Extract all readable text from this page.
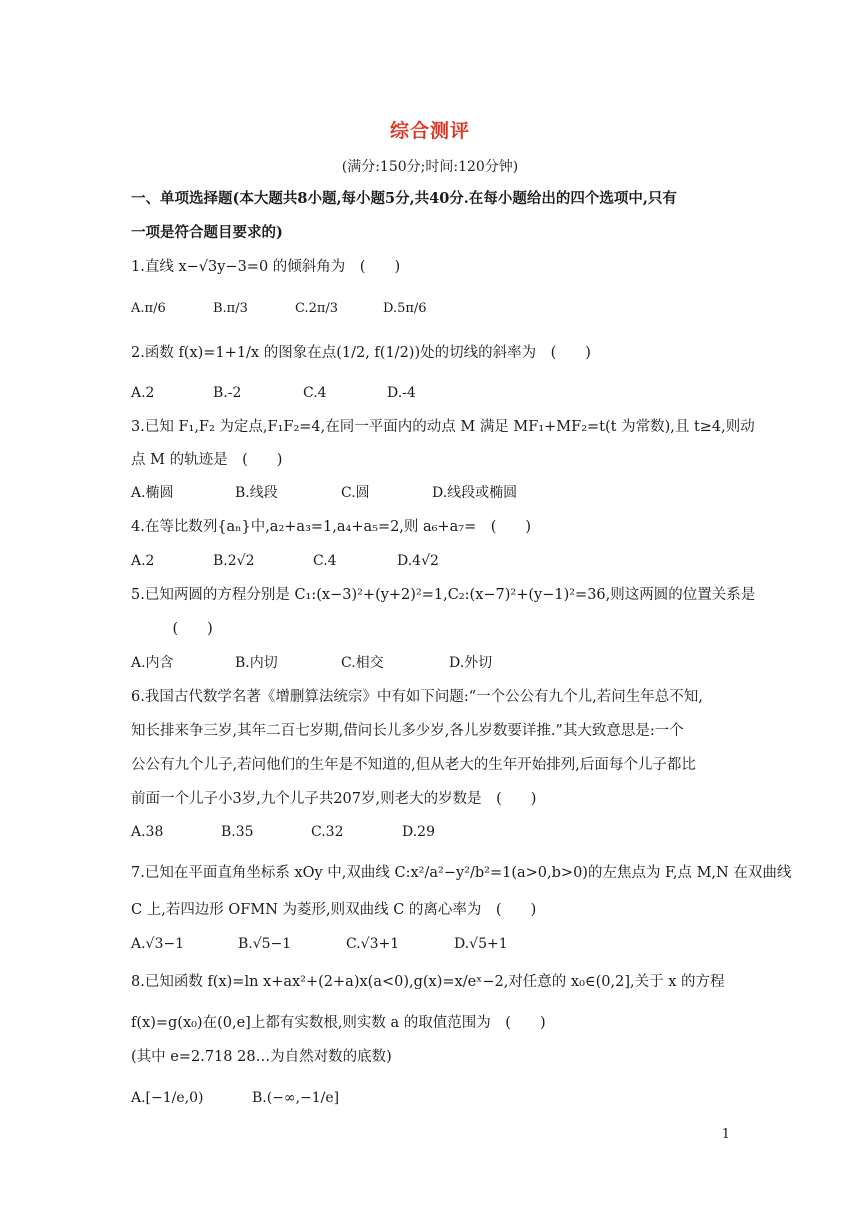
综合测评
(满分:150分;时间:120分钟)
一、单项选择题(本大题共8小题,每小题5分,共40分.在每小题给出的四个选项中,只有
一项是符合题目要求的)
1.直线 x−√3y−3=0 的倾斜角为　(　　)
A.π/6	B.π/3	C.2π/3	D.5π/6
2.函数 f(x)=1+1/x 的图象在点(1/2, f(1/2))处的切线的斜率为　(　　)
A.2	B.-2	C.4	D.-4
3.已知 F₁,F₂ 为定点,F₁F₂=4,在同一平面内的动点 M 满足 MF₁+MF₂=t(t 为常数),且 t≥4,则动
点 M 的轨迹是　(　　)
A.椭圆	B.线段	C.圆	D.线段或椭圆
4.在等比数列{aₙ}中,a₂+a₃=1,a₄+a₅=2,则 a₆+a₇=　(　　)
A.2	B.2√2	C.4	D.4√2
5.已知两圆的方程分别是 C₁:(x−3)²+(y+2)²=1,C₂:(x−7)²+(y−1)²=36,则这两圆的位置关系是
　(　　)
A.内含	B.内切	C.相交	D.外切
6.我国古代数学名著《增删算法统宗》中有如下问题:“一个公公有九个儿,若问生年总不知,
知长排来争三岁,其年二百七岁期,借问长儿多少岁,各儿岁数要详推.”其大致意思是:一个
公公有九个儿子,若问他们的生年是不知道的,但从老大的生年开始排列,后面每个儿子都比
前面一个儿子小3岁,九个儿子共207岁,则老大的岁数是　(　　)
A.38	B.35	C.32	D.29
7.已知在平面直角坐标系 xOy 中,双曲线 C:x²/a²−y²/b²=1(a>0,b>0)的左焦点为 F,点 M,N 在双曲线
C 上,若四边形 OFMN 为菱形,则双曲线 C 的离心率为　(　　)
A.√3−1	B.√5−1	C.√3+1	D.√5+1
8.已知函数 f(x)=ln x+ax²+(2+a)x(a<0),g(x)=x/eˣ−2,对任意的 x₀∈(0,2],关于 x 的方程
f(x)=g(x₀)在(0,e]上都有实数根,则实数 a 的取值范围为　(　　)
(其中 e=2.718 28…为自然对数的底数)
A.[−1/e,0)	B.(−∞,−1/e]
1
